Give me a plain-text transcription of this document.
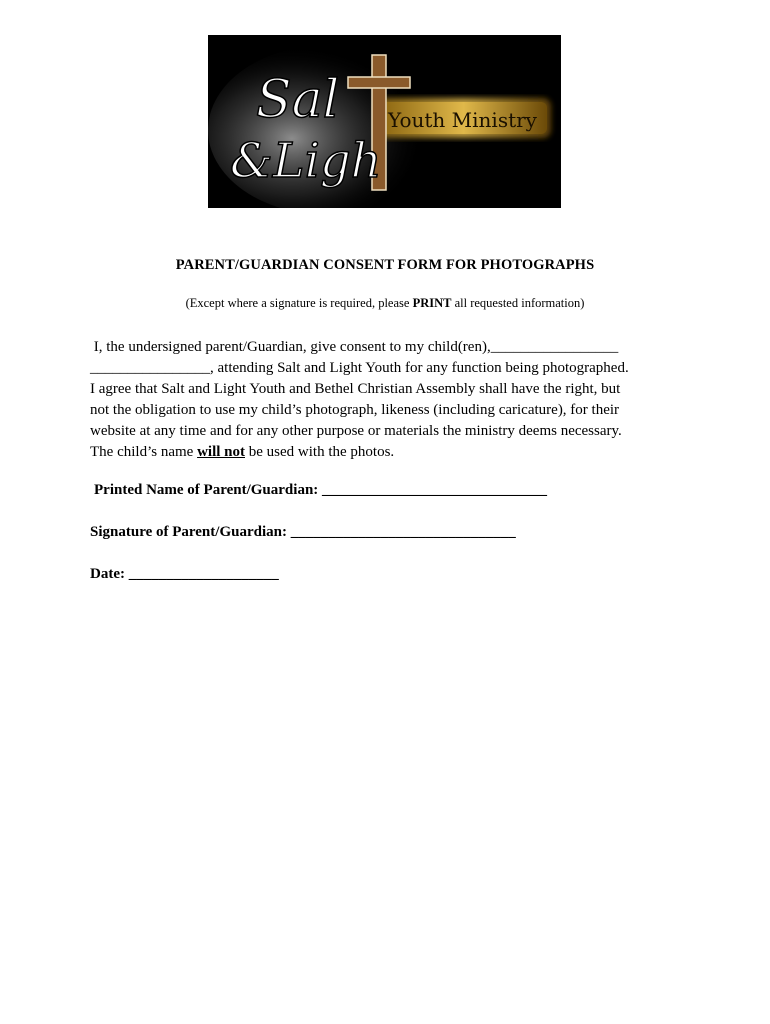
Sal
&Ligh
Youth Ministry
PARENT/GUARDIAN CONSENT FORM FOR PHOTOGRAPHS
(Except where a signature is required, please PRINT all requested information)
I, the undersigned parent/Guardian, give consent to my child(ren),_________________
________________, attending Salt and Light Youth for any function being photographed.
I agree that Salt and Light Youth and Bethel Christian Assembly shall have the right, but
not the obligation to use my child’s photograph, likeness (including caricature), for their
website at any time and for any other purpose or materials the ministry deems necessary.
The child’s name will not be used with the photos.
Printed Name of Parent/Guardian: ______________________________
Signature of Parent/Guardian: ______________________________
Date: ____________________
